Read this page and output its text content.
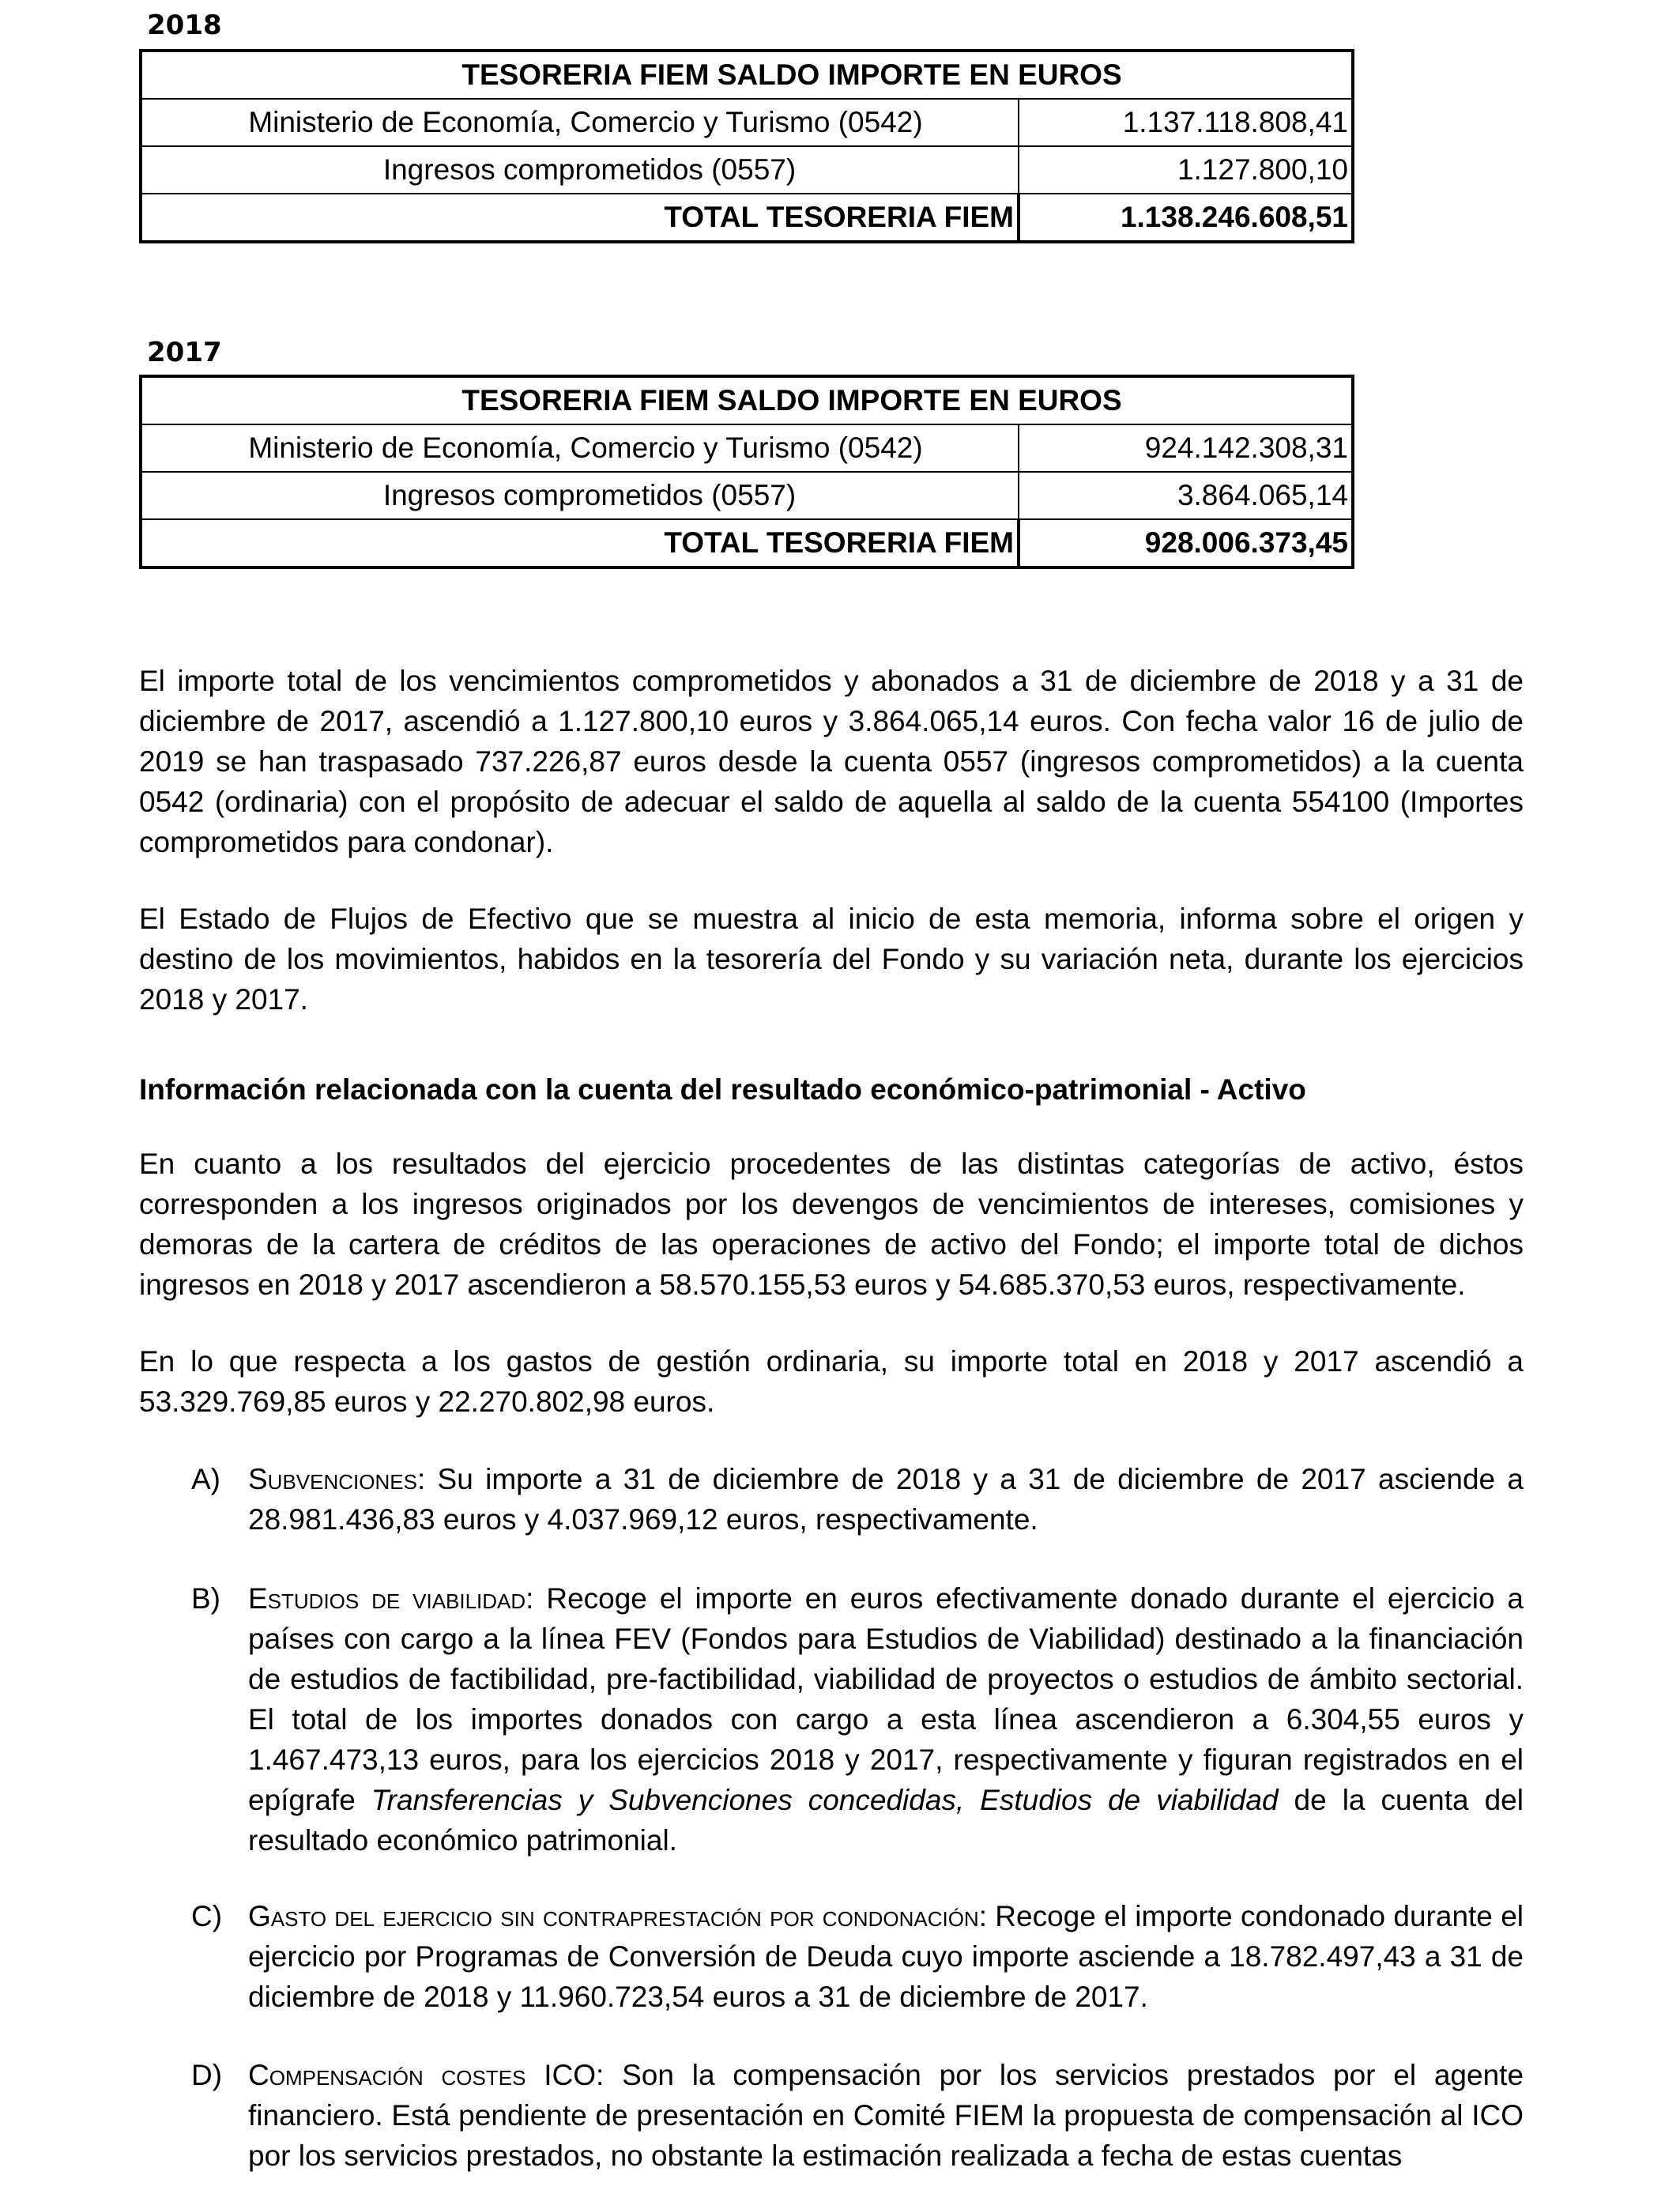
2018
TESORERIA FIEM SALDO IMPORTE EN EUROS	
Ministerio de Economía, Comercio y Turismo (0542)	1.137.118.808,41
Ingresos comprometidos (0557)	1.127.800,10
TOTAL TESORERIA FIEM	1.138.246.608,51
2017
TESORERIA FIEM SALDO IMPORTE EN EUROS	
Ministerio de Economía, Comercio y Turismo (0542)	924.142.308,31
Ingresos comprometidos (0557)	3.864.065,14
TOTAL TESORERIA FIEM	928.006.373,45

El importe total de los vencimientos comprometidos y abonados a 31 de diciembre de 2018 y a 31 de diciembre de 2017, ascendió a 1.127.800,10 euros y 3.864.065,14 euros. Con fecha valor 16 de julio de 2019 se han traspasado 737.226,87 euros desde la cuenta 0557 (ingresos comprometidos) a la cuenta 0542 (ordinaria) con el propósito de adecuar el saldo de aquella al saldo de la cuenta 554100 (Importes comprometidos para condonar).

El Estado de Flujos de Efectivo que se muestra al inicio de esta memoria, informa sobre el origen y destino de los movimientos, habidos en la tesorería del Fondo y su variación neta, durante los ejercicios 2018 y 2017.

Información relacionada con la cuenta del resultado económico-patrimonial - Activo

En cuanto a los resultados del ejercicio procedentes de las distintas categorías de activo, éstos corresponden a los ingresos originados por los devengos de vencimientos de intereses, comisiones y demoras de la cartera de créditos de las operaciones de activo del Fondo; el importe total de dichos ingresos en 2018 y 2017 ascendieron a 58.570.155,53 euros y 54.685.370,53 euros, respectivamente.

En lo que respecta a los gastos de gestión ordinaria, su importe total en 2018 y 2017 ascendió a 53.329.769,85 euros y 22.270.802,98 euros.

A) Subvenciones: Su importe a 31 de diciembre de 2018 y a 31 de diciembre de 2017 asciende a 28.981.436,83 euros y 4.037.969,12 euros, respectivamente.
B) Estudios de viabilidad: Recoge el importe en euros efectivamente donado durante el ejercicio a países con cargo a la línea FEV (Fondos para Estudios de Viabilidad) destinado a la financiación de estudios de factibilidad, pre-factibilidad, viabilidad de proyectos o estudios de ámbito sectorial. El total de los importes donados con cargo a esta línea ascendieron a 6.304,55 euros y 1.467.473,13 euros, para los ejercicios 2018 y 2017, respectivamente y figuran registrados en el epígrafe Transferencias y Subvenciones concedidas, Estudios de viabilidad de la cuenta del resultado económico patrimonial.
C) Gasto del ejercicio sin contraprestación por condonación: Recoge el importe condonado durante el ejercicio por Programas de Conversión de Deuda cuyo importe asciende a 18.782.497,43 a 31 de diciembre de 2018 y 11.960.723,54 euros a 31 de diciembre de 2017.
D) Compensación costes ICO: Son la compensación por los servicios prestados por el agente financiero. Está pendiente de presentación en Comité FIEM la propuesta de compensación al ICO por los servicios prestados, no obstante la estimación realizada a fecha de estas cuentas
